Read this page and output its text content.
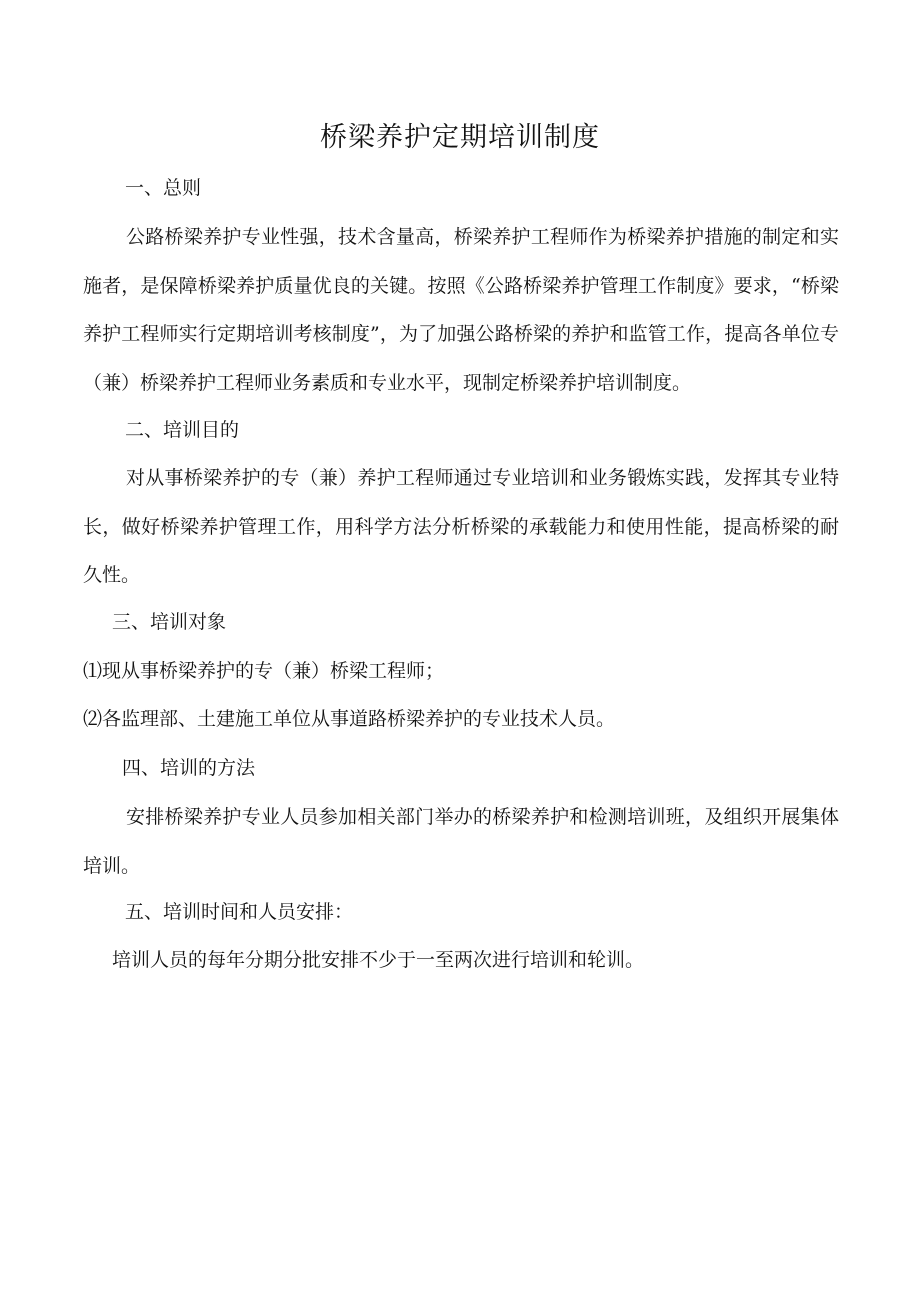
桥梁养护定期培训制度
一、总则
公路桥梁养护专业性强，技术含量高，桥梁养护工程师作为桥梁养护措施的制定和实施者，是保障桥梁养护质量优良的关键。按照《公路桥梁养护管理工作制度》要求，“桥梁养护工程师实行定期培训考核制度”，为了加强公路桥梁的养护和监管工作，提高各单位专（兼）桥梁养护工程师业务素质和专业水平，现制定桥梁养护培训制度。
二、培训目的
对从事桥梁养护的专（兼）养护工程师通过专业培训和业务锻炼实践，发挥其专业特长，做好桥梁养护管理工作，用科学方法分析桥梁的承载能力和使用性能，提高桥梁的耐久性。
三、培训对象
⑴现从事桥梁养护的专（兼）桥梁工程师；
⑵各监理部、土建施工单位从事道路桥梁养护的专业技术人员。
四、培训的方法
安排桥梁养护专业人员参加相关部门举办的桥梁养护和检测培训班，及组织开展集体培训。
五、培训时间和人员安排：
培训人员的每年分期分批安排不少于一至两次进行培训和轮训。
